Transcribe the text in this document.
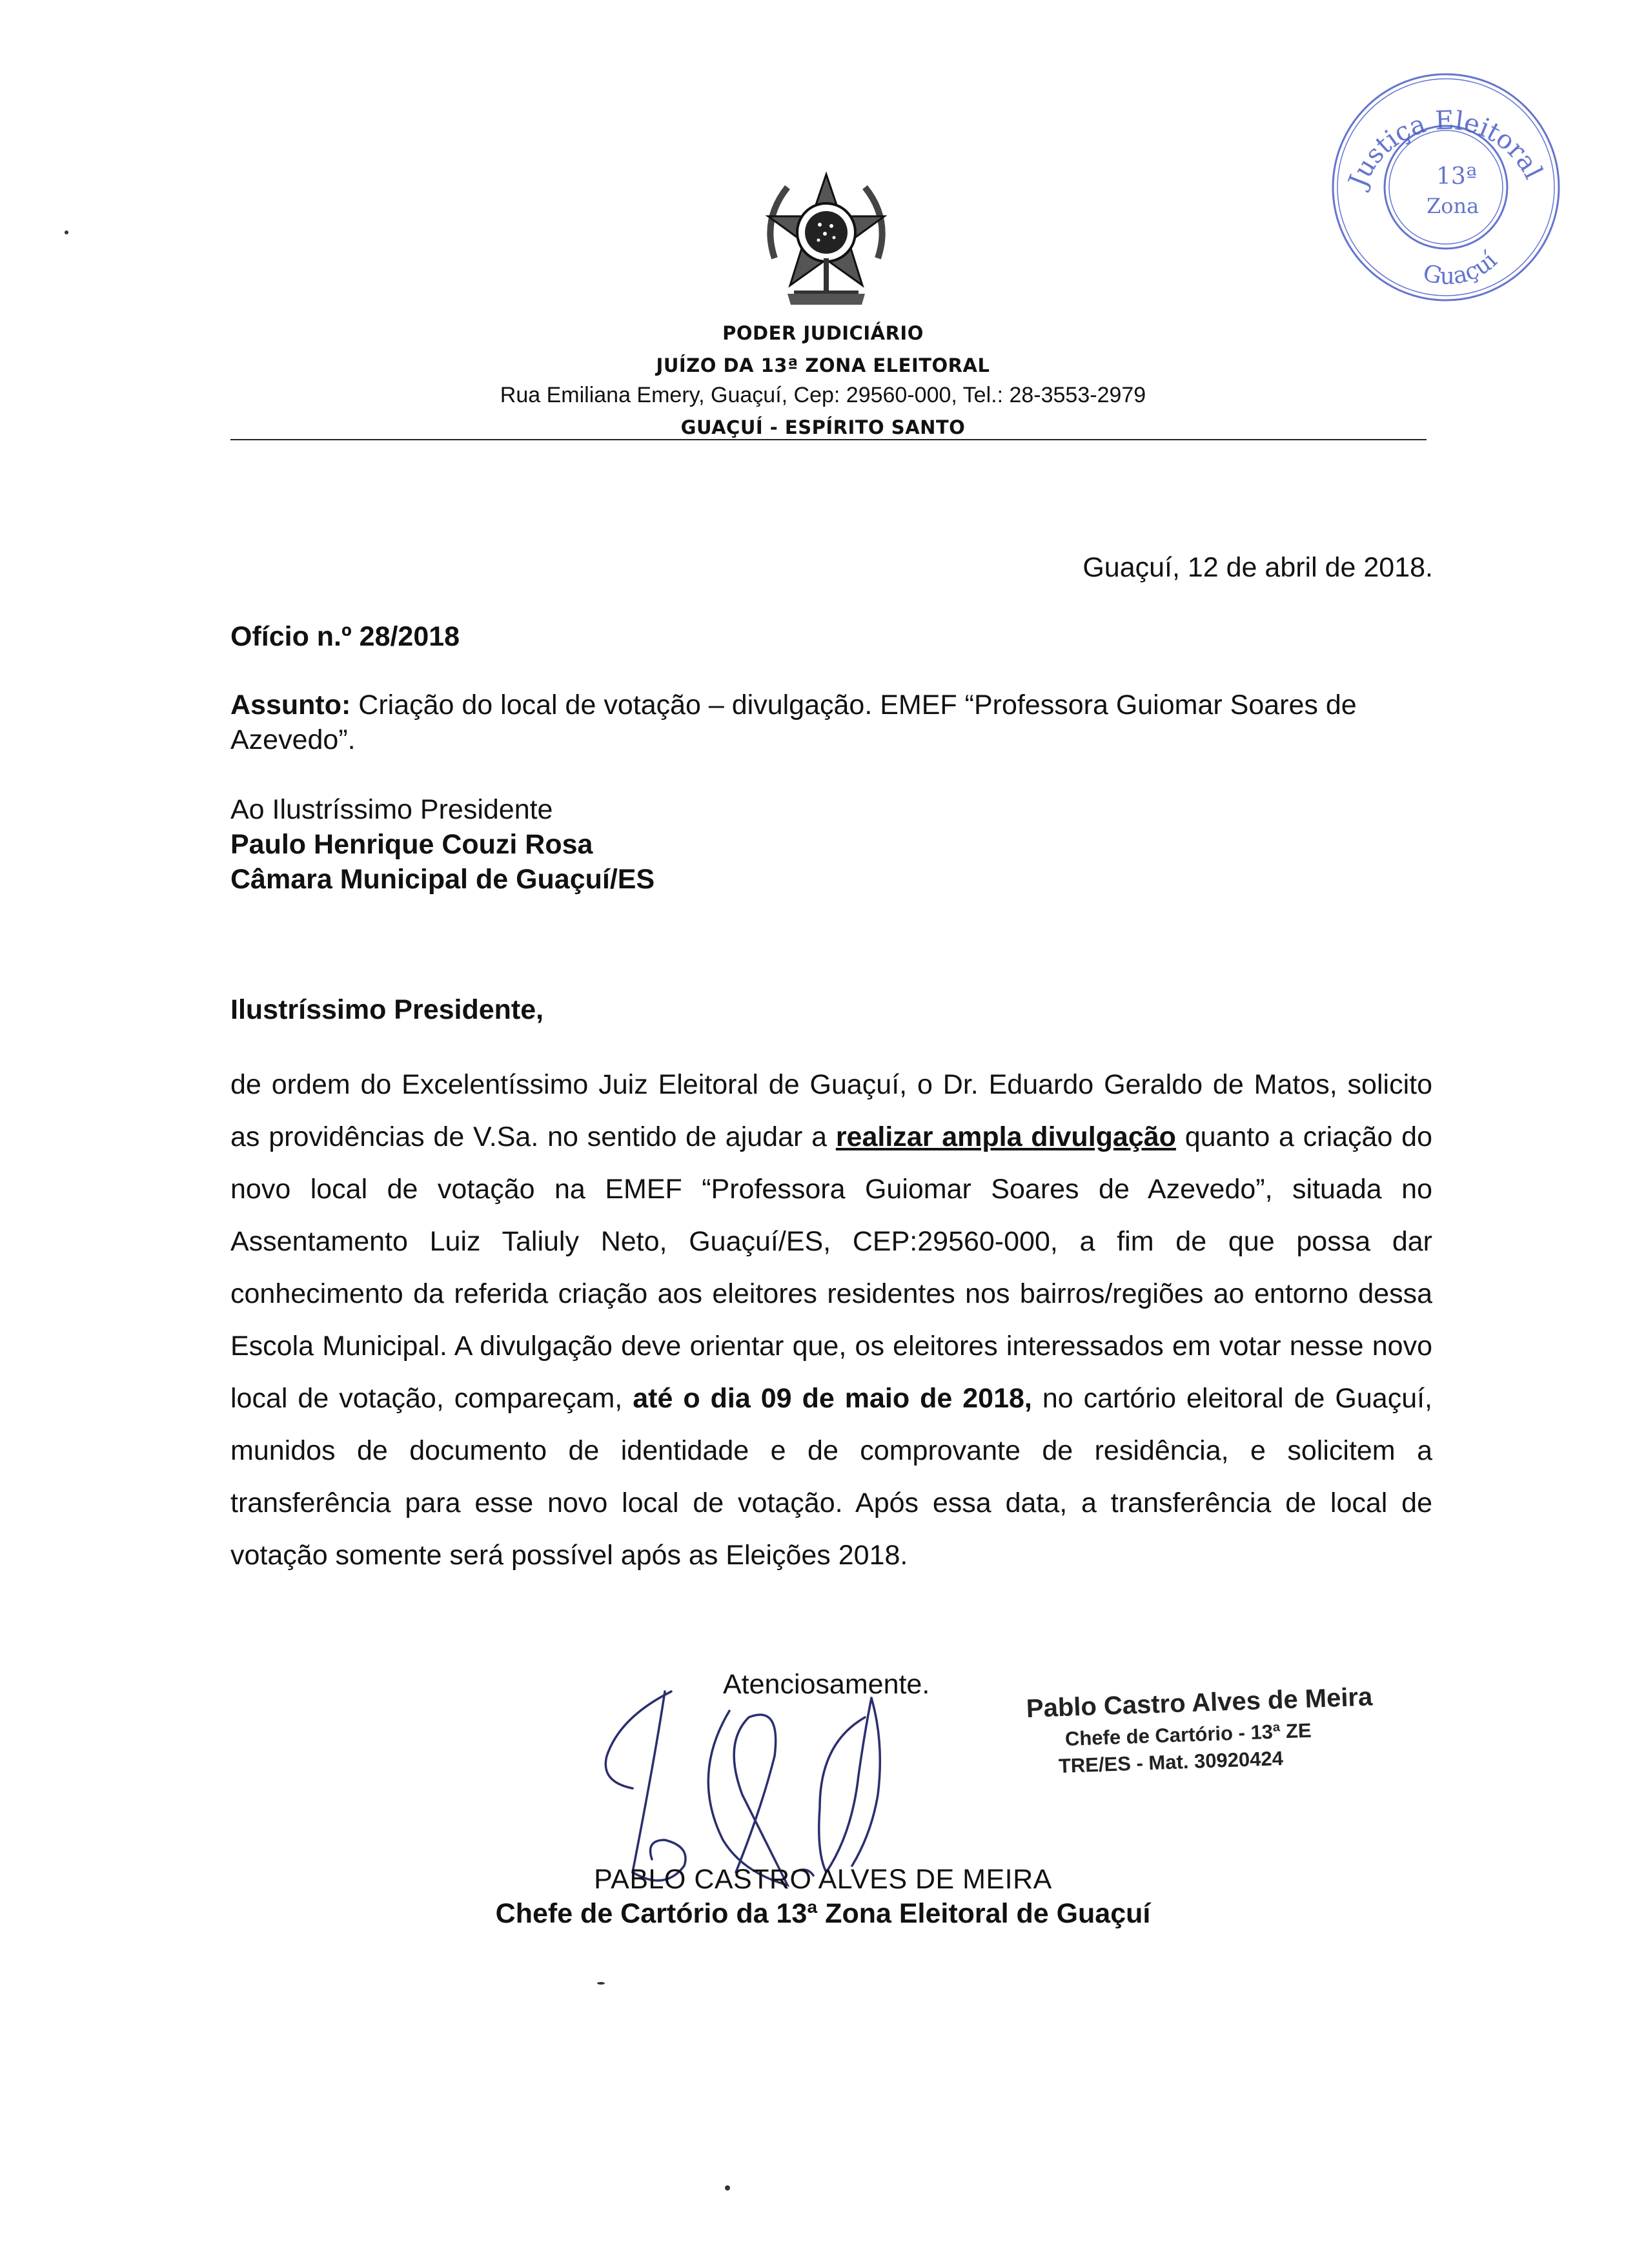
PODER JUDICIÁRIO

JUÍZO DA 13ª ZONA ELEITORAL

Rua Emiliana Emery, Guaçuí, Cep: 29560-000, Tel.: 28-3553-2979

GUAÇUÍ - ESPÍRITO SANTO

Justiça Eleitoral
Guaçuí
13ª
Zona

Guaçuí, 12 de abril de 2018.

Ofício n.º 28/2018

Assunto: Criação do local de votação – divulgação. EMEF “Professora Guiomar Soares de Azevedo”.

Ao Ilustríssimo Presidente
Paulo Henrique Couzi Rosa
Câmara Municipal de Guaçuí/ES

Ilustríssimo Presidente,

de ordem do Excelentíssimo Juiz Eleitoral de Guaçuí, o Dr. Eduardo Geraldo de Matos, solicito as providências de V.Sa. no sentido de ajudar a realizar ampla divulgação quanto a criação do novo local de votação na EMEF “Professora Guiomar Soares de Azevedo”, situada no Assentamento Luiz Taliuly Neto, Guaçuí/ES, CEP:29560-000, a fim de que possa dar conhecimento da referida criação aos eleitores residentes nos bairros/regiões ao entorno dessa Escola Municipal. A divulgação deve orientar que, os eleitores interessados em votar nesse novo local de votação, compareçam, até o dia 09 de maio de 2018, no cartório eleitoral de Guaçuí, munidos de documento de identidade e de comprovante de residência, e solicitem a transferência para esse novo local de votação. Após essa data, a transferência de local de votação somente será possível após as Eleições 2018.

Atenciosamente.	Pablo Castro Alves de Meira
Chefe de Cartório - 13ª ZE
TRE/ES - Mat. 30920424

PABLO CASTRO ALVES DE MEIRA

Chefe de Cartório da 13ª Zona Eleitoral de Guaçuí
